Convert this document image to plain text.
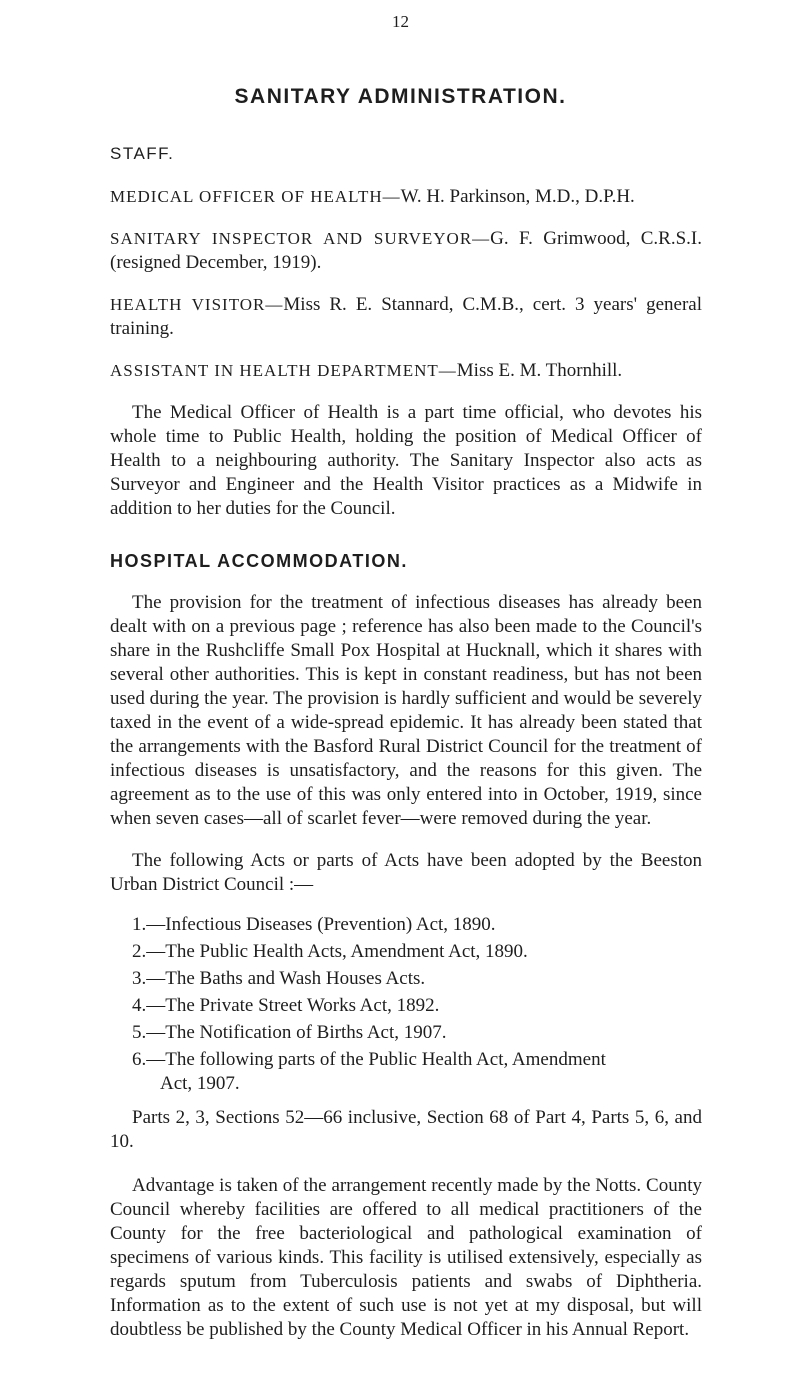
12
SANITARY ADMINISTRATION.

STAFF.

MEDICAL OFFICER OF HEALTH—W. H. Parkinson, M.D., D.P.H.

SANITARY INSPECTOR AND SURVEYOR—G. F. Grimwood, C.R.S.I. (resigned December, 1919).

HEALTH VISITOR—Miss R. E. Stannard, C.M.B., cert. 3 years' general training.

ASSISTANT IN HEALTH DEPARTMENT—Miss E. M. Thornhill.

The Medical Officer of Health is a part time official, who devotes his whole time to Public Health, holding the position of Medical Officer of Health to a neighbouring authority. The Sanitary Inspector also acts as Surveyor and Engineer and the Health Visitor practices as a Midwife in addition to her duties for the Council.

HOSPITAL ACCOMMODATION.

The provision for the treatment of infectious diseases has already been dealt with on a previous page ; reference has also been made to the Council's share in the Rushcliffe Small Pox Hospital at Hucknall, which it shares with several other authorities. This is kept in constant readiness, but has not been used during the year. The provision is hardly sufficient and would be severely taxed in the event of a wide-spread epidemic. It has already been stated that the arrangements with the Basford Rural District Council for the treatment of infectious diseases is unsatisfactory, and the reasons for this given. The agreement as to the use of this was only entered into in October, 1919, since when seven cases—all of scarlet fever—were removed during the year.

The following Acts or parts of Acts have been adopted by the Beeston Urban District Council :—

1.—Infectious Diseases (Prevention) Act, 1890.

2.—The Public Health Acts, Amendment Act, 1890.

3.—The Baths and Wash Houses Acts.

4.—The Private Street Works Act, 1892.

5.—The Notification of Births Act, 1907.

6.—The following parts of the Public Health Act, Amendment
Act, 1907.

Parts 2, 3, Sections 52—66 inclusive, Section 68 of Part 4, Parts 5, 6, and 10.

Advantage is taken of the arrangement recently made by the Notts. County Council whereby facilities are offered to all medical practitioners of the County for the free bacteriological and pathological examination of specimens of various kinds. This facility is utilised extensively, especially as regards sputum from Tuberculosis patients and swabs of Diphtheria. Information as to the extent of such use is not yet at my disposal, but will doubtless be published by the County Medical Officer in his Annual Report.
